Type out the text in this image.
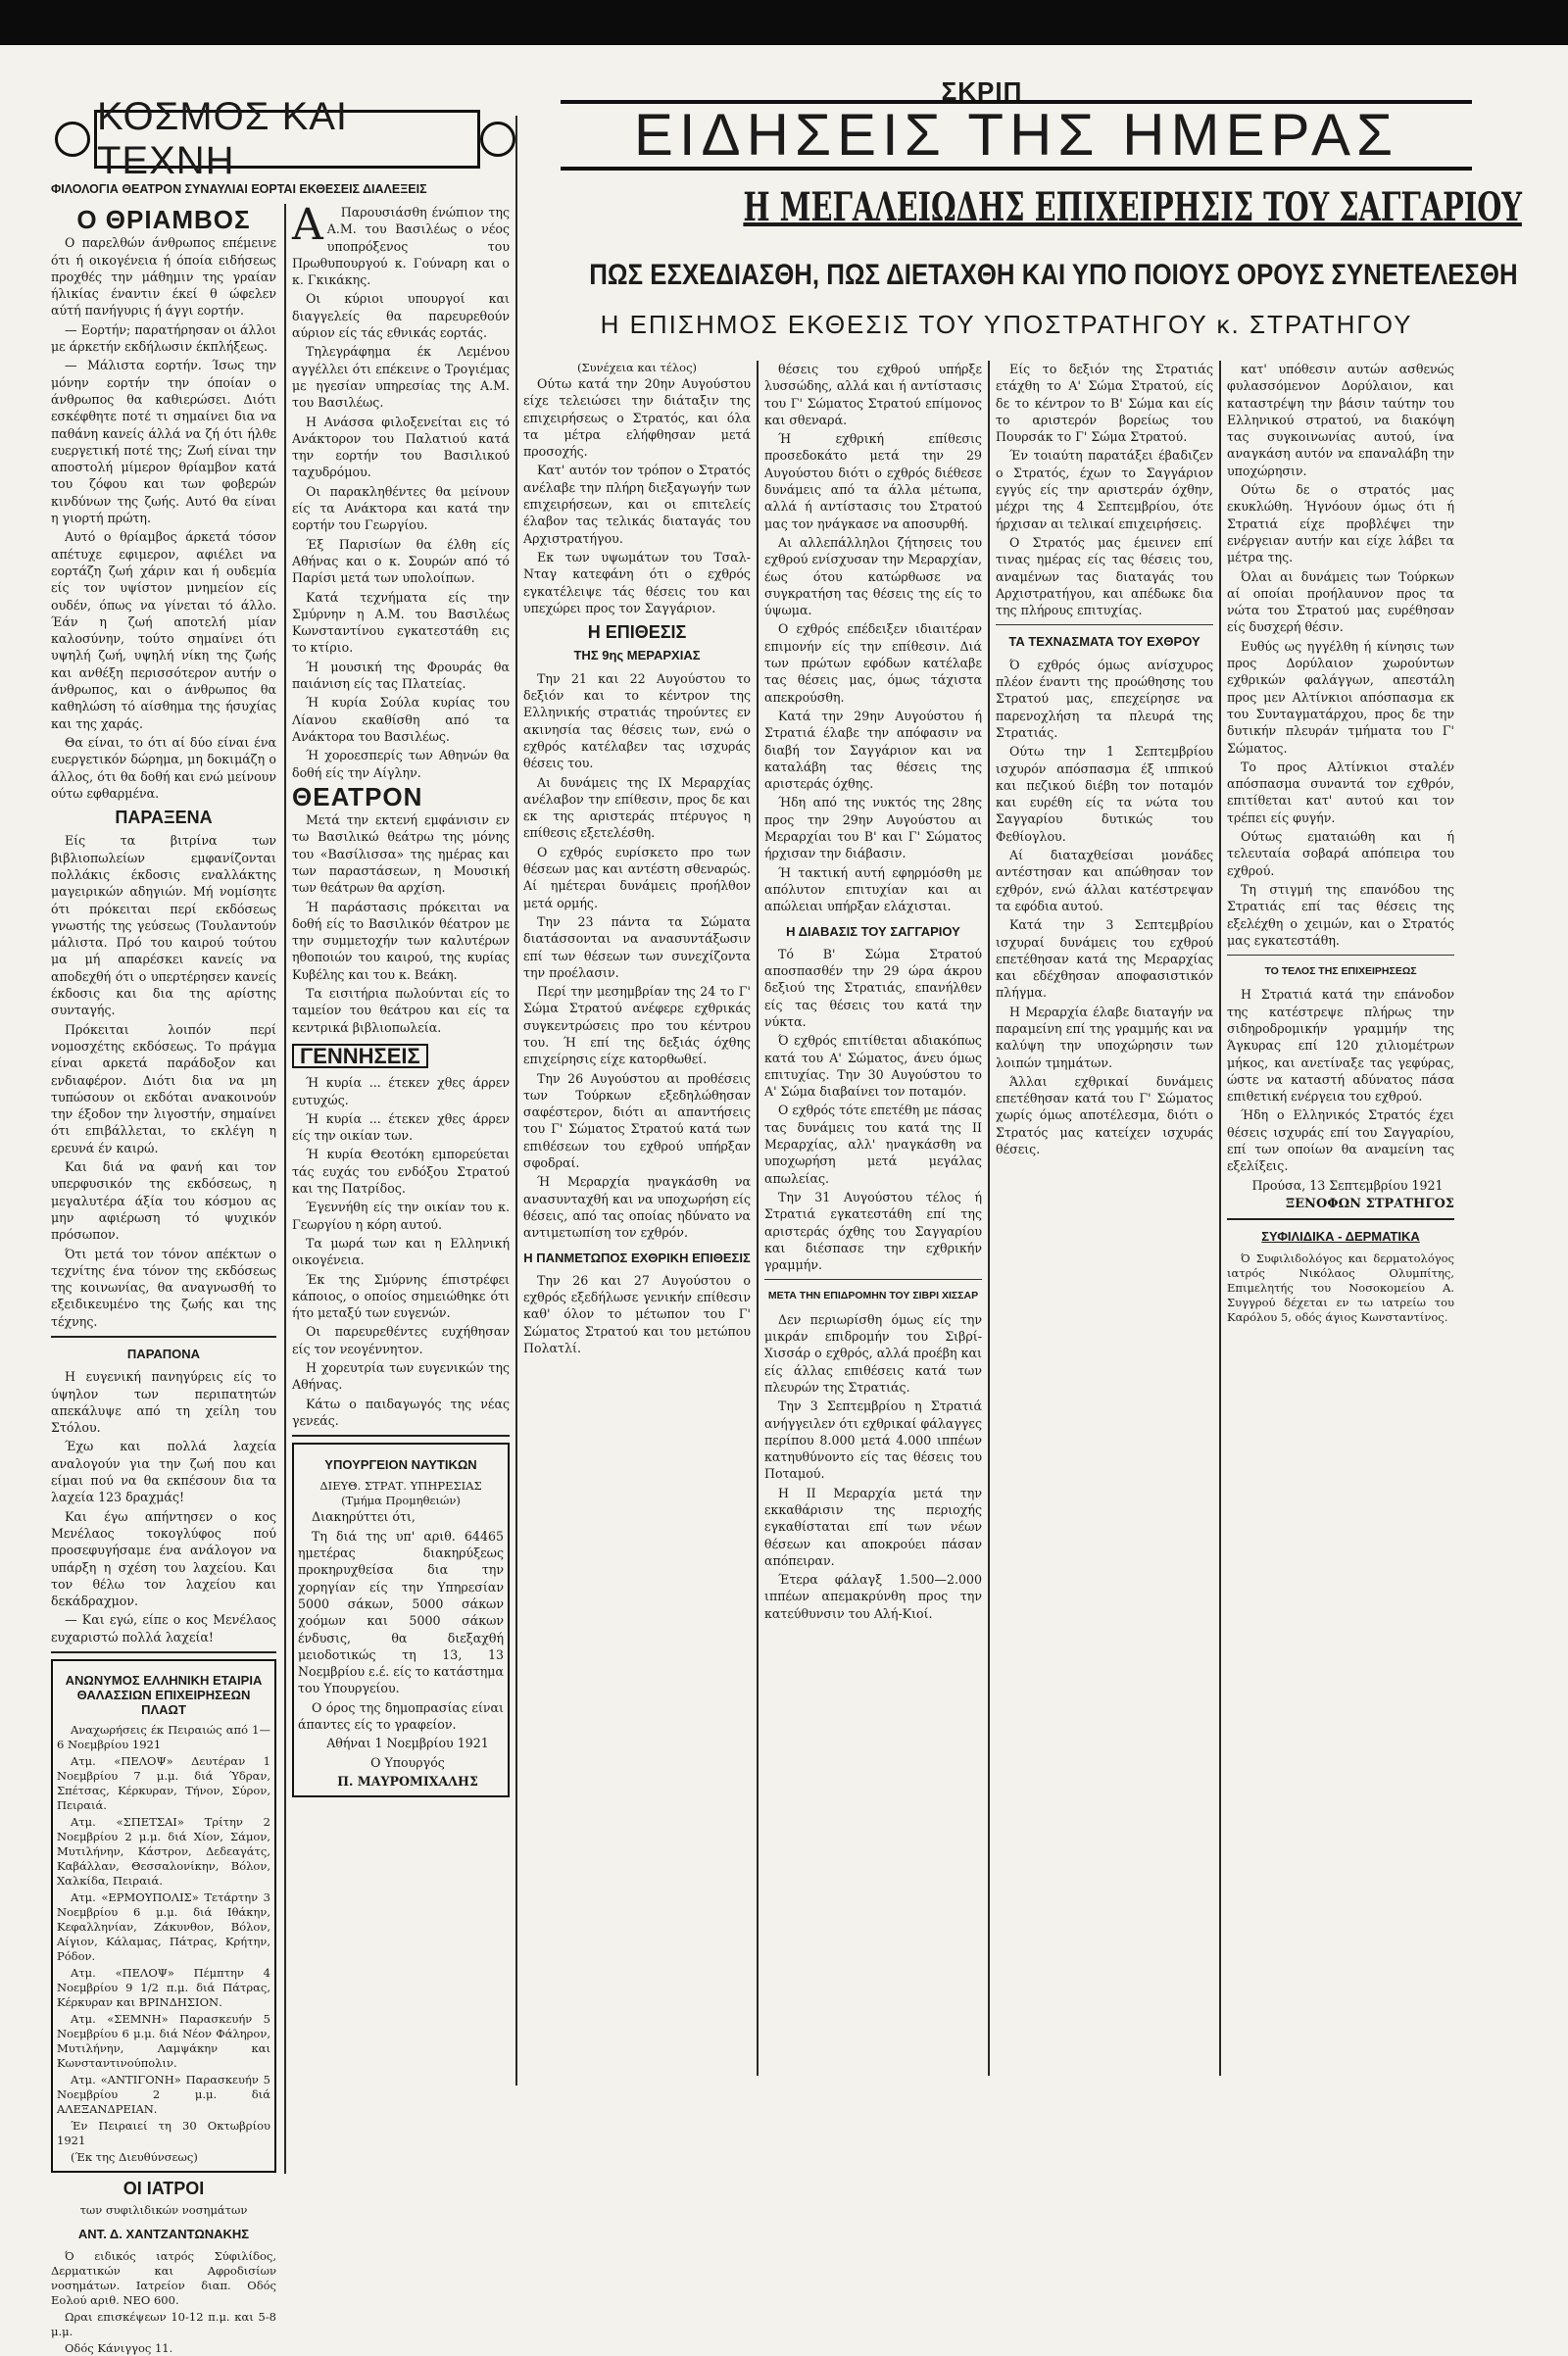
ΚΟΣΜΟΣ ΚΑΙ ΤΕΧΝΗ
ΦΙΛΟΛΟΓΙΑ ΘΕΑΤΡΟΝ ΣΥΝΑΥΛΙΑΙ ΕΟΡΤΑΙ ΕΚΘΕΣΕΙΣ ΔΙΑΛΕΞΕΙΣ
ΣΚΡΙΠ
ΕΙΔΗΣΕΙΣ ΤΗΣ ΗΜΕΡΑΣ
Η ΜΕΓΑΛΕΙΩΔΗΣ ΕΠΙΧΕΙΡΗΣΙΣ ΤΟΥ ΣΑΓΓΑΡΙΟΥ
ΠΩΣ ΕΣΧΕΔΙΑΣΘΗ, ΠΩΣ ΔΙΕΤΑΧΘΗ ΚΑΙ ΥΠΟ ΠΟΙΟΥΣ ΟΡΟΥΣ ΣΥΝΕΤΕΛΕΣΘΗ
Η ΕΠΙΣΗΜΟΣ ΕΚΘΕΣΙΣ ΤΟΥ ΥΠΟΣΤΡΑΤΗΓΟΥ κ. ΣΤΡΑΤΗΓΟΥ
Ο ΘΡΙΑΜΒΟΣ

Ο παρελθών άνθρωπος επέμεινε ότι ή οικογένεια ή όποία ειδήσεως προχθές την μάθημιν της γραίαν ήλικίας έναντιν έκεί θ ώφελεν αύτή πανήγυρις ή άγγι εορτήν.

— Εορτήν; παρατήρησαν οι άλλοι με άρκετήν εκδήλωσιν έκπλήξεως.

— Μάλιστα εορτήν. Ίσως την μόνην εορτήν την όποίαν ο άνθρωπος θα καθιερώσει. Διότι εσκέφθητε ποτέ τι σημαίνει δια να παθάνη κανείς άλλά να ζή ότι ήλθε ευεργετική ποτέ της; Ζωή είναι την αποστολή μίμερον θρίαμβον κατά του ζόφου και των φοβερών κινδύνων της ζωής. Αυτό θα είναι η γιορτή πρώτη.

Αυτό ο θρίαμβος άρκετά τόσον απέτυχε εφιμερον, αφιέλει να εορτάζη ζωή χάριν και ή ουδεμία είς τον υψίστον μνημείον είς ουδέν, όπως να γίνεται τό άλλο. Έάν η ζωή αποτελή μίαν καλοσύνην, τούτο σημαίνει ότι υψηλή ζωή, υψηλή νίκη της ζωής και ανθέξη περισσότερον αυτήν ο άνθρωπος, και ο άνθρωπος θα καθηλώση τό αίσθημα της ήσυχίας και της χαράς.

Θα είναι, το ότι αί δύο είναι ένα ευεργετικόν δώρημα, μη δοκιμάζη ο άλλος, ότι θα δοθή και ενώ μείνουν ούτω εφθαρμένα.

ΠΑΡΑΞΕΝΑ

Είς τα βιτρίνα των βιβλιοπωλείων εμφανίζονται πολλάκις έκδοσις εναλλάκτης μαγειρικών αδηγιών. Μή νομίσητε ότι πρόκειται περί εκδόσεως γνωστής της γεύσεως (Τουλαντούν μάλιστα. Πρό του καιρού τούτου μα μή απαρέσκει κανείς να αποδεχθή ότι ο υπερτέρησεν κανείς έκδοσις και δια της αρίστης συνταγής.

Πρόκειται λοιπόν περί νομοσχέτης εκδόσεως. Το πράγμα είναι αρκετά παράδοξον και ενδιαφέρον. Διότι δια να μη τυπώσουν οι εκδόται ανακοινούν την έξοδον την λιγοστήν, σημαίνει ότι επιβάλλεται, το εκλέγη η ερευνά έν καιρώ.

Και διά να φανή και τον υπερφυσικόν της εκδόσεως, η μεγαλυτέρα άξία του κόσμου ας μην αφιέρωση τό ψυχικόν πρόσωπον.

Ότι μετά τον τόνον απέκτων ο τεχνίτης ένα τόνον της εκδόσεως της κοινωνίας, θα αναγνωσθή το εξειδικευμένο της ζωής και της τέχνης.

ΠΑΡΑΠΟΝΑ

Η ευγενική πανηγύρεις είς το ύψηλον των περιπατητών απεκάλυψε από τη χείλη του Στόλου.

Έχω και πολλά λαχεία αναλογούν για την ζωή που και είμαι πού να θα εκπέσουν δια τα λαχεία 123 δραχμάς!

Και έγω απήντησεν ο κος Μενέλαος τοκογλύφος πού προσεφυγήσαμε ένα ανάλογον να υπάρξη η σχέση του λαχείου. Και τον θέλω τον λαχείου και δεκάδραχμον.

— Και εγώ, είπε ο κος Μενέλαος ευχαριστώ πολλά λαχεία!

ΑΝΩΝΥΜΟΣ ΕΛΛΗΝΙΚΗ ΕΤΑΙΡΙΑ ΘΑΛΑΣΣΙΩΝ ΕΠΙΧΕΙΡΗΣΕΩΝ ΠΛΑΩΤ

Αναχωρήσεις έκ Πειραιώς από 1—6 Νοεμβρίου 1921

Ατμ. «ΠΕΛΟΨ» Δευτέραν 1 Νοεμβρίου 7 μ.μ. διά Ύδραν, Σπέτσας, Κέρκυραν, Τήνον, Σύρον, Πειραιά.

Ατμ. «ΣΠΕΤΣΑΙ» Τρίτην 2 Νοεμβρίου 2 μ.μ. διά Χίον, Σάμον, Μυτιλήνην, Κάστρον, Δεδεαγάτς, Καβάλλαν, Θεσσαλονίκην, Βόλον, Χαλκίδα, Πειραιά.

Ατμ. «ΕΡΜΟΥΠΟΛΙΣ» Τετάρτην 3 Νοεμβρίου 6 μ.μ. διά Ιθάκην, Κεφαλληνίαν, Ζάκυνθον, Βόλον, Αίγιον, Κάλαμας, Πάτρας, Κρήτην, Ρόδον.

Ατμ. «ΠΕΛΟΨ» Πέμπτην 4 Νοεμβρίου 9 1/2 π.μ. διά Πάτρας, Κέρκυραν και ΒΡΙΝΔΗΣΙΟΝ.

Ατμ. «ΣΕΜΝΗ» Παρασκευήν 5 Νοεμβρίου 6 μ.μ. διά Νέον Φάληρον, Μυτιλήνην, Λαμψάκην και Κωνσταντινούπολιν.

Ατμ. «ΑΝΤΙΓΟΝΗ» Παρασκευήν 5 Νοεμβρίου 2 μ.μ. διά ΑΛΕΞΑΝΔΡΕΙΑΝ.

Έν Πειραιεί τη 30 Οκτωβρίου 1921

(Έκ της Διευθύνσεως)

ΟΙ ΙΑΤΡΟΙ
των συφιλιδικών νοσημάτων
ΑΝΤ. Δ. ΧΑΝΤΖΑΝΤΩΝΑΚΗΣ

Ό ειδικός ιατρός Σύφιλίδος, Δερματικών και Αφροδισίων νοσημάτων. Ιατρείον διαπ. Οδός Εολού αριθ. ΝΕΟ 600.

Ωραι επισκέψεων 10-12 π.μ. και 5-8 μ.μ.

Οδός Κάνιγγος 11.

Α	Παρουσιάσθη ένώπιον της Α.Μ. του Βασιλέως ο νέος υποπρόξενος του Πρωθυπουργού κ. Γούναρη και ο κ. Γκικάκης.

Οι κύριοι υπουργοί και διαγγελείς θα παρευρεθούν αύριον είς τάς εθνικάς εορτάς.

Τηλεγράφημα έκ Λεμένου αγγέλλει ότι επέκεινε ο Τρογιέμας με ηγεσίαν υπηρεσίας της Α.Μ. του Βασιλέως.

Η Ανάσσα φιλοξενείται εις τό Ανάκτορον του Παλατιού κατά την εορτήν του Βασιλικού ταχυδρόμου.

Οι παρακληθέντες θα μείνουν είς τα Ανάκτορα και κατά την εορτήν του Γεωργίου.

Έξ Παρισίων θα έλθη είς Αθήνας και ο κ. Σουρών από τό Παρίσι μετά των υπολοίπων.

Κατά τεχνήματα είς την Σμύρνην η Α.Μ. του Βασιλέως Κωνσταντίνου εγκατεστάθη εις το κτίριο.

Ή μουσική της Φρουράς θα παιάνιση είς τας Πλατείας.

Ή κυρία Σούλα κυρίας του Λίανου εκαθίσθη από τα Ανάκτορα του Βασιλέως.

Ή χοροεσπερίς των Αθηνών θα δοθή είς την Αίγλην.

ΘΕΑΤΡΟΝ

Μετά την εκτενή εμφάνισιν εν τω Βασιλικώ θεάτρω της μόνης του «Βασίλισσα» της ημέρας και των παραστάσεων, η Μουσική των θεάτρων θα αρχίση.

Ή παράστασις πρόκειται να δοθή είς το Βασιλικόν θέατρον με την συμμετοχήν των καλυτέρων ηθοποιών του καιρού, της κυρίας Κυβέλης και του κ. Βεάκη.

Τα εισιτήρια πωλούνται είς το ταμείον του θεάτρου και είς τα κεντρικά βιβλιοπωλεία.

ΓΕΝΝΗΣΕΙΣ

Ή κυρία ... έτεκεν χθες άρρεν ευτυχώς.

Ή κυρία ... έτεκεν χθες άρρεν είς την οικίαν των.

Ή κυρία Θεοτόκη εμπορεύεται τάς ευχάς του ενδόξου Στρατού και της Πατρίδος.

Έγεννήθη είς την οικίαν του κ. Γεωργίου η κόρη αυτού.

Τα μωρά των και η Ελληνική οικογένεια.

Έκ της Σμύρνης έπιστρέφει κάποιος, ο οποίος σημειώθηκε ότι ήτο μεταξύ των ευγενών.

Οι παρευρεθέντες ευχήθησαν είς τον νεογέννητον.

Η χορευτρία των ευγενικών της Αθήνας.

Κάτω ο παιδαγωγός της νέας γενεάς.

ΥΠΟΥΡΓΕΙΟΝ ΝΑΥΤΙΚΩΝ
ΔΙΕΥΘ. ΣΤΡΑΤ. ΥΠΗΡΕΣΙΑΣ (Τμήμα Προμηθειών)

Διακηρύττει ότι,

Τη διά της υπ' αριθ. 64465 ημετέρας διακηρύξεως προκηρυχθείσα δια την χορηγίαν είς την Υπηρεσίαν 5000 σάκων, 5000 σάκων χοόμων και 5000 σάκων ένδυσις, θα διεξαχθή μειοδοτικώς τη 13, 13 Νοεμβρίου ε.έ. είς το κατάστημα του Υπουργείου.

Ο όρος της δημοπρασίας είναι άπαντες είς το γραφείον.

Αθήναι 1 Νοεμβρίου 1921

Ο Υπουργός

Π. ΜΑΥΡΟΜΙΧΑΛΗΣ

(Συνέχεια και τέλος)

Ούτω κατά την 20ην Αυγούστου είχε τελειώσει την διάταξιν της επιχειρήσεως ο Στρατός, και όλα τα μέτρα ελήφθησαν μετά προσοχής.

Κατ' αυτόν τον τρόπον ο Στρατός ανέλαβε την πλήρη διεξαγωγήν των επιχειρήσεων, και οι επιτελείς έλαβον τας τελικάς διαταγάς του Αρχιστρατήγου.

Εκ των υψωμάτων του Τσαλ-Νταγ κατεφάνη ότι ο εχθρός εγκατέλειψε τάς θέσεις του και υπεχώρει προς τον Σαγγάριον.

Η ΕΠΙΘΕΣΙΣ
ΤΗΣ 9ης ΜΕΡΑΡΧΙΑΣ

Την 21 και 22 Αυγούστου το δεξιόν και το κέντρον της Ελληνικής στρατιάς τηρούντες εν ακινησία τας θέσεις των, ενώ ο εχθρός κατέλαβεν τας ισχυράς θέσεις του.

Αι δυνάμεις της ΙΧ Μεραρχίας ανέλαβον την επίθεσιν, προς δε και εκ της αριστεράς πτέρυγος η επίθεσις εξετελέσθη.

Ο εχθρός ευρίσκετο προ των θέσεων μας και αντέστη σθεναρώς. Αί ημέτεραι δυνάμεις προήλθον μετά ορμής.

Την 23 πάντα τα Σώματα διατάσσονται να ανασυντάξωσιν επί των θέσεων των συνεχίζοντα την προέλασιν.

Περί την μεσημβρίαν της 24 το Γ' Σώμα Στρατού ανέφερε εχθρικάς συγκεντρώσεις προ του κέντρου του. Ή επί της δεξιάς όχθης επιχείρησις είχε κατορθωθεί.

Την 26 Αυγούστου αι προθέσεις των Τούρκων εξεδηλώθησαν σαφέστερον, διότι αι απαντήσεις του Γ' Σώματος Στρατού κατά των επιθέσεων του εχθρού υπήρξαν σφοδραί.

Ή Μεραρχία ηναγκάσθη να ανασυνταχθή και να υποχωρήση είς θέσεις, από τας οποίας ηδύνατο να αντιμετωπίση τον εχθρόν.

Η ΠΑΝΜΕΤΩΠΟΣ ΕΧΘΡΙΚΗ ΕΠΙΘΕΣΙΣ

Την 26 και 27 Αυγούστου ο εχθρός εξεδήλωσε γενικήν επίθεσιν καθ' όλον το μέτωπον του Γ' Σώματος Στρατού και του μετώπου Πολατλί.

θέσεις του εχθρού υπήρξε λυσσώδης, αλλά και ή αντίστασις του Γ' Σώματος Στρατού επίμονος και σθεναρά.

Ή εχθρική επίθεσις προσεδοκάτο μετά την 29 Αυγούστου διότι ο εχθρός διέθεσε δυνάμεις από τα άλλα μέτωπα, αλλά ή αντίστασις του Στρατού μας τον ηνάγκασε να αποσυρθή.

Αι αλλεπάλληλοι ζήτησεις του εχθρού ενίσχυσαν την Μεραρχίαν, έως ότου κατώρθωσε να συγκρατήση τας θέσεις της είς το ύψωμα.

Ο εχθρός επέδειξεν ιδιαιτέραν επιμονήν είς την επίθεσιν. Διά των πρώτων εφόδων κατέλαβε τας θέσεις μας, όμως τάχιστα απεκρούσθη.

Κατά την 29ην Αυγούστου ή Στρατιά έλαβε την απόφασιν να διαβή τον Σαγγάριον και να καταλάβη τας θέσεις της αριστεράς όχθης.

Ήδη από της νυκτός της 28ης προς την 29ην Αυγούστου αι Μεραρχίαι του Β' και Γ' Σώματος ήρχισαν την διάβασιν.

Ή τακτική αυτή εφηρμόσθη με απόλυτον επιτυχίαν και αι απώλειαι υπήρξαν ελάχισται.

Η ΔΙΑΒΑΣΙΣ ΤΟΥ ΣΑΓΓΑΡΙΟΥ

Τό Β' Σώμα Στρατού αποσπασθέν την 29 ώρα άκρου δεξιού της Στρατιάς, επανήλθεν είς τας θέσεις του κατά την νύκτα.

Ό εχθρός επιτίθεται αδιακόπως κατά του Α' Σώματος, άνευ όμως επιτυχίας. Την 30 Αυγούστου το Α' Σώμα διαβαίνει τον ποταμόν.

Ο εχθρός τότε επετέθη με πάσας τας δυνάμεις του κατά της ΙΙ Μεραρχίας, αλλ' ηναγκάσθη να υποχωρήση μετά μεγάλας απωλείας.

Την 31 Αυγούστου τέλος ή Στρατιά εγκατεστάθη επί της αριστεράς όχθης του Σαγγαρίου και διέσπασε την εχθρικήν γραμμήν.

ΜΕΤΑ ΤΗΝ ΕΠΙΔΡΟΜΗΝ ΤΟΥ ΣΙΒΡΙ ΧΙΣΣΑΡ

Δεν περιωρίσθη όμως είς την μικράν επιδρομήν του Σιβρί-Χισσάρ ο εχθρός, αλλά προέβη και είς άλλας επιθέσεις κατά των πλευρών της Στρατιάς.

Την 3 Σεπτεμβρίου η Στρατιά ανήγγειλεν ότι εχθρικαί φάλαγγες περίπου 8.000 μετά 4.000 ιππέων κατηυθύνοντο είς τας θέσεις του Ποταμού.

Η ΙΙ Μεραρχία μετά την εκκαθάρισιν της περιοχής εγκαθίσταται επί των νέων θέσεων και αποκρούει πάσαν απόπειραν.

Έτερα φάλαγξ 1.500—2.000 ιππέων απεμακρύνθη προς την κατεύθυνσιν του Αλή-Κιοί.

Είς το δεξιόν της Στρατιάς ετάχθη το Α' Σώμα Στρατού, είς δε το κέντρον το Β' Σώμα και είς το αριστερόν βορείως του Πουρσάκ το Γ' Σώμα Στρατού.

Έν τοιαύτη παρατάξει έβαδιζεν ο Στρατός, έχων το Σαγγάριον εγγύς είς την αριστεράν όχθην, μέχρι της 4 Σεπτεμβρίου, ότε ήρχισαν αι τελικαί επιχειρήσεις.

Ο Στρατός μας έμεινεν επί τινας ημέρας είς τας θέσεις του, αναμένων τας διαταγάς του Αρχιστρατήγου, και απέδωκε δια της πλήρους επιτυχίας.

ΤΑ ΤΕΧΝΑΣΜΑΤΑ ΤΟΥ ΕΧΘΡΟΥ

Ό εχθρός όμως ανίσχυρος πλέον έναντι της προώθησης του Στρατού μας, επεχείρησε να παρενοχλήση τα πλευρά της Στρατιάς.

Ούτω την 1 Σεπτεμβρίου ισχυρόν απόσπασμα έξ ιππικού και πεζικού διέβη τον ποταμόν και ευρέθη είς τα νώτα του Σαγγαρίου δυτικώς του Φεθίογλου.

Αί διαταχθείσαι μονάδες αντέστησαν και απώθησαν τον εχθρόν, ενώ άλλαι κατέστρεψαν τα εφόδια αυτού.

Κατά την 3 Σεπτεμβρίου ισχυραί δυνάμεις του εχθρού επετέθησαν κατά της Μεραρχίας και εδέχθησαν αποφασιστικόν πλήγμα.

Η Μεραρχία έλαβε διαταγήν να παραμείνη επί της γραμμής και να καλύψη την υποχώρησιν των λοιπών τμημάτων.

Άλλαι εχθρικαί δυνάμεις επετέθησαν κατά του Γ' Σώματος χωρίς όμως αποτέλεσμα, διότι ο Στρατός μας κατείχεν ισχυράς θέσεις.

κατ' υπόθεσιν αυτών ασθενώς φυλασσόμενον Δορύλαιον, και καταστρέψη την βάσιν ταύτην του Ελληνικού στρατού, να διακόψη τας συγκοινωνίας αυτού, ίνα αναγκάση αυτόν να επαναλάβη την υποχώρησιν.

Ούτω δε ο στρατός μας εκυκλώθη. Ήγνόουν όμως ότι ή Στρατιά είχε προβλέψει την ενέργειαν αυτήν και είχε λάβει τα μέτρα της.

Όλαι αι δυνάμεις των Τούρκων αί οποίαι προήλαυνον προς τα νώτα του Στρατού μας ευρέθησαν είς δυσχερή θέσιν.

Ευθύς ως ηγγέλθη ή κίνησις των προς Δορύλαιον χωρούντων εχθρικών φαλάγγων, απεστάλη προς μεν Αλτίνκιοι απόσπασμα εκ του Συνταγματάρχου, προς δε την δυτικήν πλευράν τμήματα του Γ' Σώματος.

Το προς Αλτίνκιοι σταλέν απόσπασμα συναντά τον εχθρόν, επιτίθεται κατ' αυτού και τον τρέπει είς φυγήν.

Ούτως εματαιώθη και ή τελευταία σοβαρά απόπειρα του εχθρού.

Τη στιγμή της επανόδου της Στρατιάς επί τας θέσεις της εξελέχθη ο χειμών, και ο Στρατός μας εγκατεστάθη.

ΤΟ ΤΕΛΟΣ ΤΗΣ ΕΠΙΧΕΙΡΗΣΕΩΣ

Η Στρατιά κατά την επάνοδον της κατέστρεψε πλήρως την σιδηροδρομικήν γραμμήν της Άγκυρας επί 120 χιλιομέτρων μήκος, και ανετίναξε τας γεφύρας, ώστε να καταστή αδύνατος πάσα επιθετική ενέργεια του εχθρού.

Ήδη ο Ελληνικός Στρατός έχει θέσεις ισχυράς επί του Σαγγαρίου, επί των οποίων θα αναμείνη τας εξελίξεις.

Προύσα, 13 Σεπτεμβρίου 1921

ΞΕΝΟΦΩΝ ΣΤΡΑΤΗΓΟΣ
ΣΥΦΙΛΙΔΙΚΑ - ΔΕΡΜΑΤΙΚΑ

Ό Συφιλιδολόγος και δερματολόγος ιατρός Νικόλαος Ολυμπίτης, Επιμελητής του Νοσοκομείου Α. Συγγρού δέχεται εν τω ιατρείω του Καρόλου 5, οδός άγιος Κωνσταντίνος.
